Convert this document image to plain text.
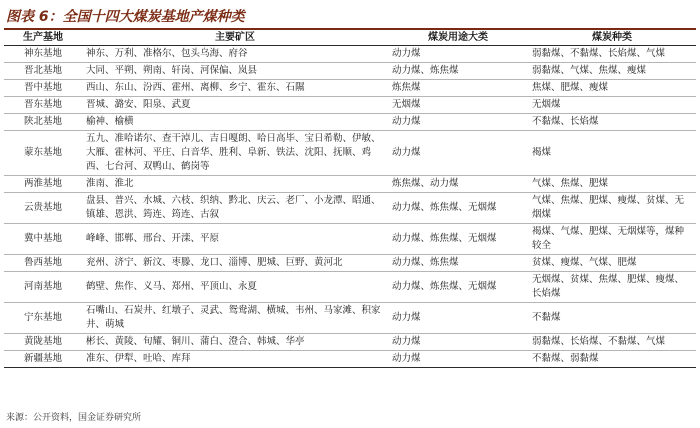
图表 6：全国十四大煤炭基地产煤种类
生产基地	主要矿区	煤炭用途大类	煤炭种类
神东基地	神东、万利、准格尔、包头乌海、府谷	动力煤	弱黏煤、不黏煤、长焰煤、气煤
晋北基地	大同、平朔、朔南、轩岗、河保偏、岚县	动力煤、炼焦煤	弱黏煤、气煤、焦煤、瘦煤
晋中基地	西山、东山、汾西、霍州、离柳、乡宁、霍东、石隰	炼焦煤	焦煤、肥煤、瘦煤
晋东基地	晋城、潞安、阳泉、武夏	无烟煤	无烟煤
陕北基地	榆神、榆横	动力煤	不黏煤、长焰煤
蒙东基地	五九、准哈诺尔、查干淖儿、吉日嘎朗、哈日高毕、宝日希勒、伊敏、大雁、霍林河、平庄、白音华、胜利、阜新、铁法、沈阳、抚顺、鸡西、七台河、双鸭山、鹤岗等	动力煤	褐煤
两淮基地	淮南、淮北	炼焦煤、动力煤	气煤、焦煤、肥煤
云贵基地	盘县、普兴、水城、六枝、织纳、黔北、庆云、老厂、小龙潭、昭通、镇雄、恩洪、筠连、筠连、古叙	动力煤、炼焦煤、无烟煤	气煤、焦煤、肥煤、瘦煤、贫煤、无烟煤
冀中基地	峰峰、邯郸、邢台、开滦、平原	动力煤、炼焦煤、无烟煤	褐煤、气煤、肥煤、无烟煤等，煤种较全
鲁西基地	兖州、济宁、新汶、枣滕、龙口、淄博、肥城、巨野、黄河北	动力煤、炼焦煤	贫煤、瘦煤、气煤、肥煤
河南基地	鹤壁、焦作、义马、郑州、平顶山、永夏	动力煤、炼焦煤、无烟煤	无烟煤、贫煤、焦煤、肥煤、瘦煤、长焰煤
宁东基地	石嘴山、石炭井、红墩子、灵武、鸳鸯湖、横城、韦州、马家滩、积家井、萌城	动力煤	不黏煤
黄陇基地	彬长、黄陵、旬耀、铜川、蒲白、澄合、韩城、华亭	动力煤	弱黏煤、长焰煤、不黏煤、气煤
新疆基地	准东、伊犁、吐哈、库拜	动力煤	不黏煤、弱黏煤
来源：公开资料，国金证券研究所
